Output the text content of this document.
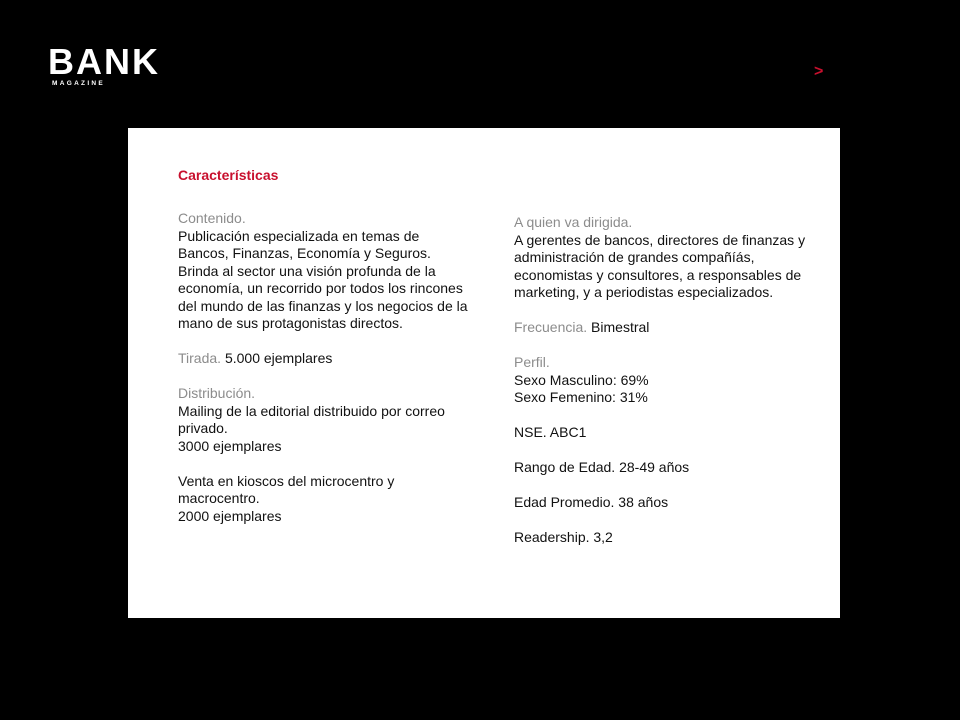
BANK
MAGAZINE
>
Características
Contenido.
Publicación especializada en temas de Bancos, Finanzas, Economía y Seguros. Brinda al sector una visión profunda de la economía, un recorrido por todos los rincones del mundo de las finanzas y los negocios de la mano de sus protagonistas directos.
Tirada. 5.000 ejemplares
Distribución.
Mailing de la editorial distribuido por correo privado.
3000 ejemplares
Venta en kioscos del microcentro y macrocentro.
2000 ejemplares
A quien va dirigida.
A gerentes de bancos, directores de finanzas y administración de grandes compañíás, economistas y consultores, a responsables de marketing, y a periodistas especializados.
Frecuencia. Bimestral
Perfil.
Sexo Masculino: 69%
Sexo Femenino: 31%
NSE. ABC1
Rango de Edad. 28-49 años
Edad Promedio. 38 años
Readership. 3,2
